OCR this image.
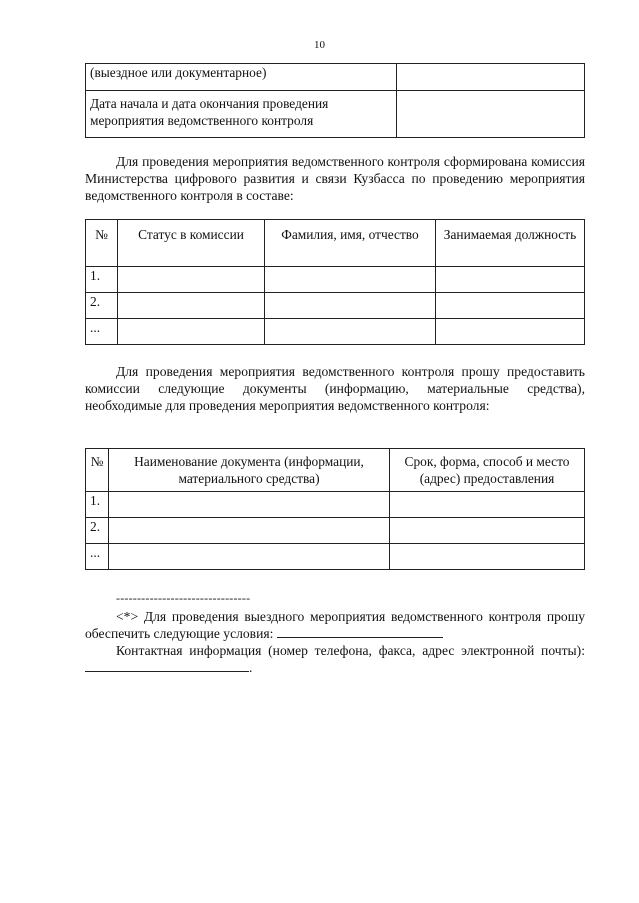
10
(выездное или документарное)	
Дата начала и дата окончания проведения мероприятия ведомственного контроля	

Для проведения мероприятия ведомственного контроля сформирована комиссия Министерства цифрового развития и связи Кузбасса по проведению мероприятия ведомственного контроля в составе:

№	Статус в комиссии	Фамилия, имя, отчество	Занимаемая должность
1.			
2.			
...			

Для проведения мероприятия ведомственного контроля прошу предоставить комиссии следующие документы (информацию, материальные средства), необходимые для проведения мероприятия ведомственного контроля:

№	Наименование документа (информации, материального средства)	Срок, форма, способ и место (адрес) предоставления
1.		
2.		
...		
--------------------------------

<*> Для проведения выездного мероприятия ведомственного контроля прошу обеспечить следующие условия:

Контактная информация (номер телефона, факса, адрес электронной почты): .
